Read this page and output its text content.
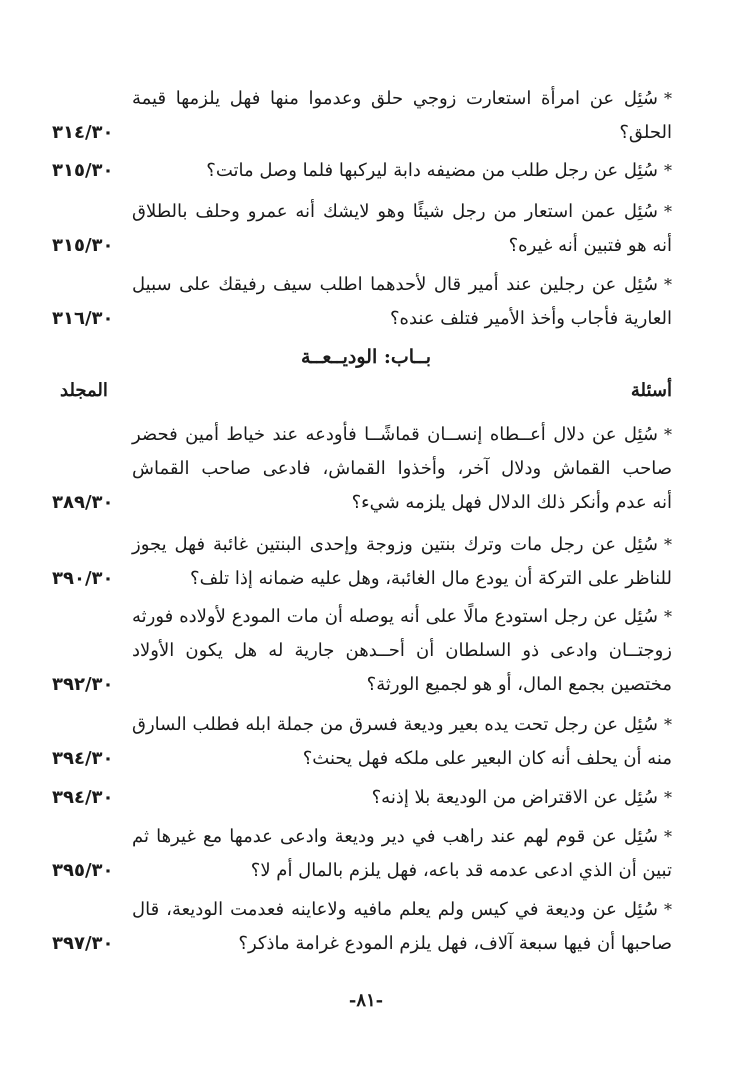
*سُئِل عن امرأة استعارت زوجي حلق وعدموا منها فهل يلزمها قيمة
الحلق؟
٣١٤/٣٠
*سُئِل عن رجل طلب من مضيفه دابة ليركبها فلما وصل ماتت؟
٣١٥/٣٠
*سُئِل عمن استعار من رجل شيئًا وهو لايشك أنه عمرو وحلف بالطلاق
أنه هو فتبين أنه غيره؟
٣١٥/٣٠
*سُئِل عن رجلين عند أمير قال لأحدهما اطلب سيف رفيقك على سبيل
العارية فأجاب وأخذ الأمير فتلف عنده؟
٣١٦/٣٠
بــاب: الوديــعــة
أسئلة
المجلد
*سُئِل عن دلال أعــطاه إنســان قماشًــا فأودعه عند خياط أمين فحضر
صاحب القماش ودلال آخر، وأخذوا القماش، فادعى صاحب القماش
أنه عدم وأنكر ذلك الدلال فهل يلزمه شيء؟
٣٨٩/٣٠
*سُئِل عن رجل مات وترك بنتين وزوجة وإحدى البنتين غائبة فهل يجوز
للناظر على التركة أن يودع مال الغائبة، وهل عليه ضمانه إذا تلف؟
٣٩٠/٣٠
*سُئِل عن رجل استودع مالًا على أنه يوصله أن مات المودع لأولاده فورثه
زوجتــان وادعى ذو السلطان أن أحــدهن جارية له هل يكون الأولاد
مختصين بجمع المال، أو هو لجميع الورثة؟
٣٩٢/٣٠
*سُئِل عن رجل تحت يده بعير وديعة فسرق من جملة ابله فطلب السارق
منه أن يحلف أنه كان البعير على ملكه فهل يحنث؟
٣٩٤/٣٠
*سُئِل عن الاقتراض من الوديعة بلا إذنه؟
٣٩٤/٣٠
*سُئِل عن قوم لهم عند راهب في دير وديعة وادعى عدمها مع غيرها ثم
تبين أن الذي ادعى عدمه قد باعه، فهل يلزم بالمال أم لا؟
٣٩٥/٣٠
*سُئِل عن وديعة في كيس ولم يعلم مافيه ولاعاينه فعدمت الوديعة، قال
صاحبها أن فيها سبعة آلاف، فهل يلزم المودع غرامة ماذكر؟
٣٩٧/٣٠
-٨١-
